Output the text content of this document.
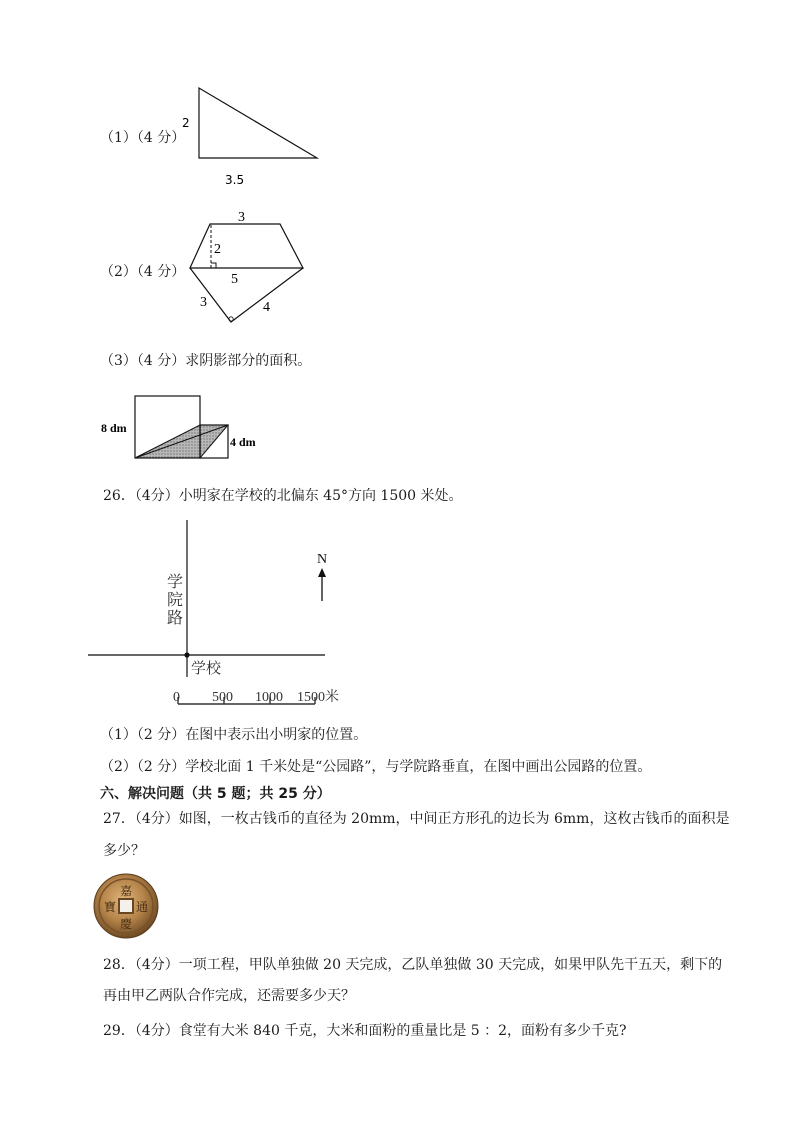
（1）（4 分）
2
3.5
（2）（4 分）
3
2
5
3	4
（3）（4 分）求阴影部分的面积。
8 dm
4 dm
26．（4分）小明家在学校的北偏东 45°方向 1500 米处。
学
院
路
N
学校
0 500 1000 1500米
（1）（2 分）在图中表示出小明家的位置。
（2）（2 分）学校北面 1 千米处是“公园路”，与学院路垂直，在图中画出公园路的位置。
六、解决问题（共 5 题；共 25 分）
27．（4分）如图，一枚古钱币的直径为 20mm，中间正方形孔的边长为 6mm，这枚古钱币的面积是
多少？
嘉
通
慶
寶
28．（4分）一项工程，甲队单独做 20 天完成，乙队单独做 30 天完成，如果甲队先干五天，剩下的
再由甲乙两队合作完成，还需要多少天？
29．（4分）食堂有大米 840 千克，大米和面粉的重量比是 5 ：2，面粉有多少千克?
